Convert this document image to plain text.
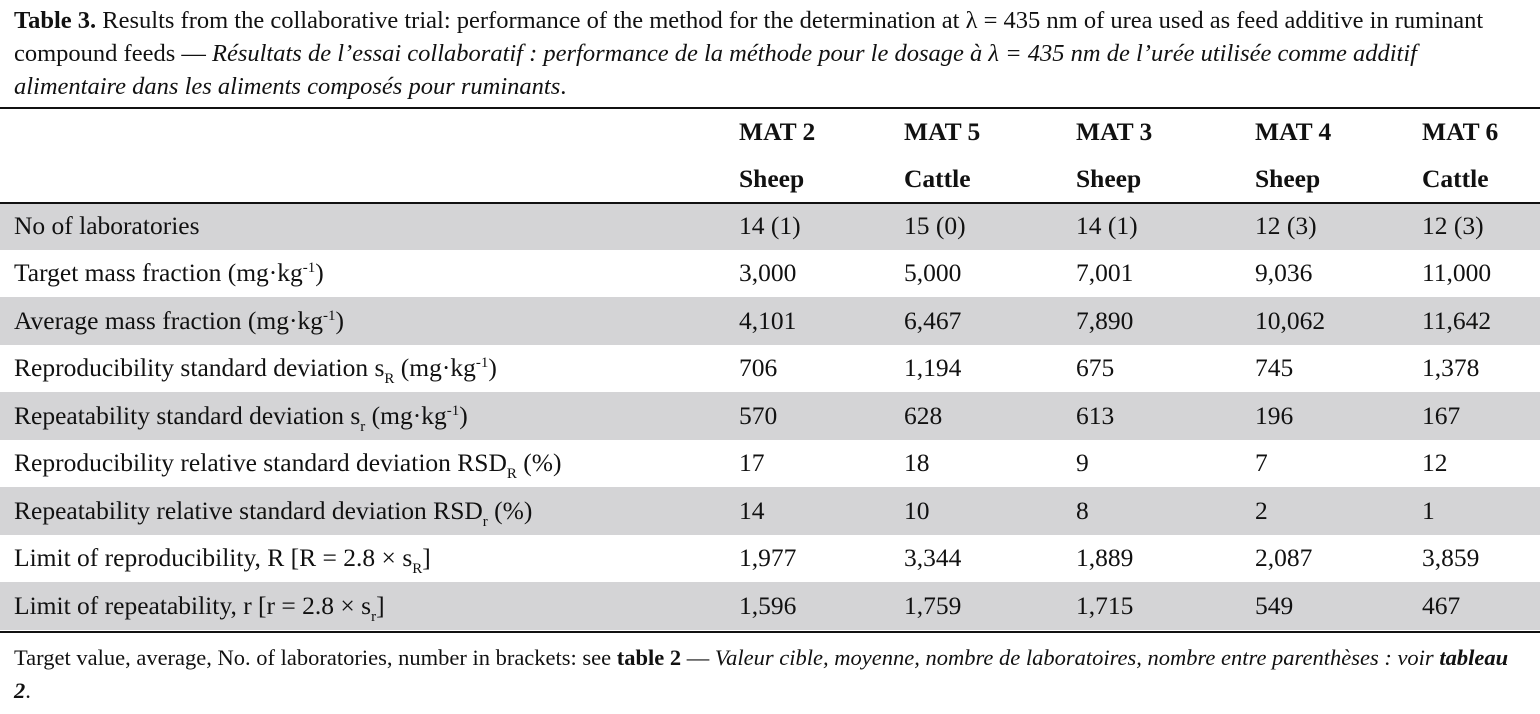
Table 3. Results from the collaborative trial: performance of the method for the determination at λ = 435 nm of urea used as feed additive in ruminant compound feeds — Résultats de l’essai collaboratif : performance de la méthode pour le dosage à λ = 435 nm de l’urée utilisée comme additif alimentaire dans les aliments composés pour ruminants.
	MAT 2	MAT 5	MAT 3	MAT 4	MAT 6
	Sheep	Cattle	Sheep	Sheep	Cattle
No of laboratories	14 (1)	15 (0)	14 (1)	12 (3)	12 (3)
Target mass fraction $(mg\cdot kg^{-1})$	3,000	5,000	7,001	9,036	11,000
Average mass fraction $(mg\cdot kg^{-1})$	4,101	6,467	7,890	10,062	11,642
Reproducibility standard deviation $s_R$ $(mg\cdot kg^{-1})$	706	1,194	675	745	1,378
Repeatability standard deviation $s_r$ $(mg\cdot kg^{-1})$	570	628	613	196	167
Reproducibility relative standard deviation $RSD_R$ (%)	17	18	9	7	12
Repeatability relative standard deviation $RSD_r$ (%)	14	10	8	2	1
Limit of reproducibility, R $[R = 2.8 \times s_R]$	1,977	3,344	1,889	2,087	3,859
Limit of repeatability, r $[r = 2.8 \times s_r]$	1,596	1,759	1,715	549	467
Target value, average, No. of laboratories, number in brackets: see table 2 — Valeur cible, moyenne, nombre de laboratoires, nombre entre parenthèses : voir tableau 2.
